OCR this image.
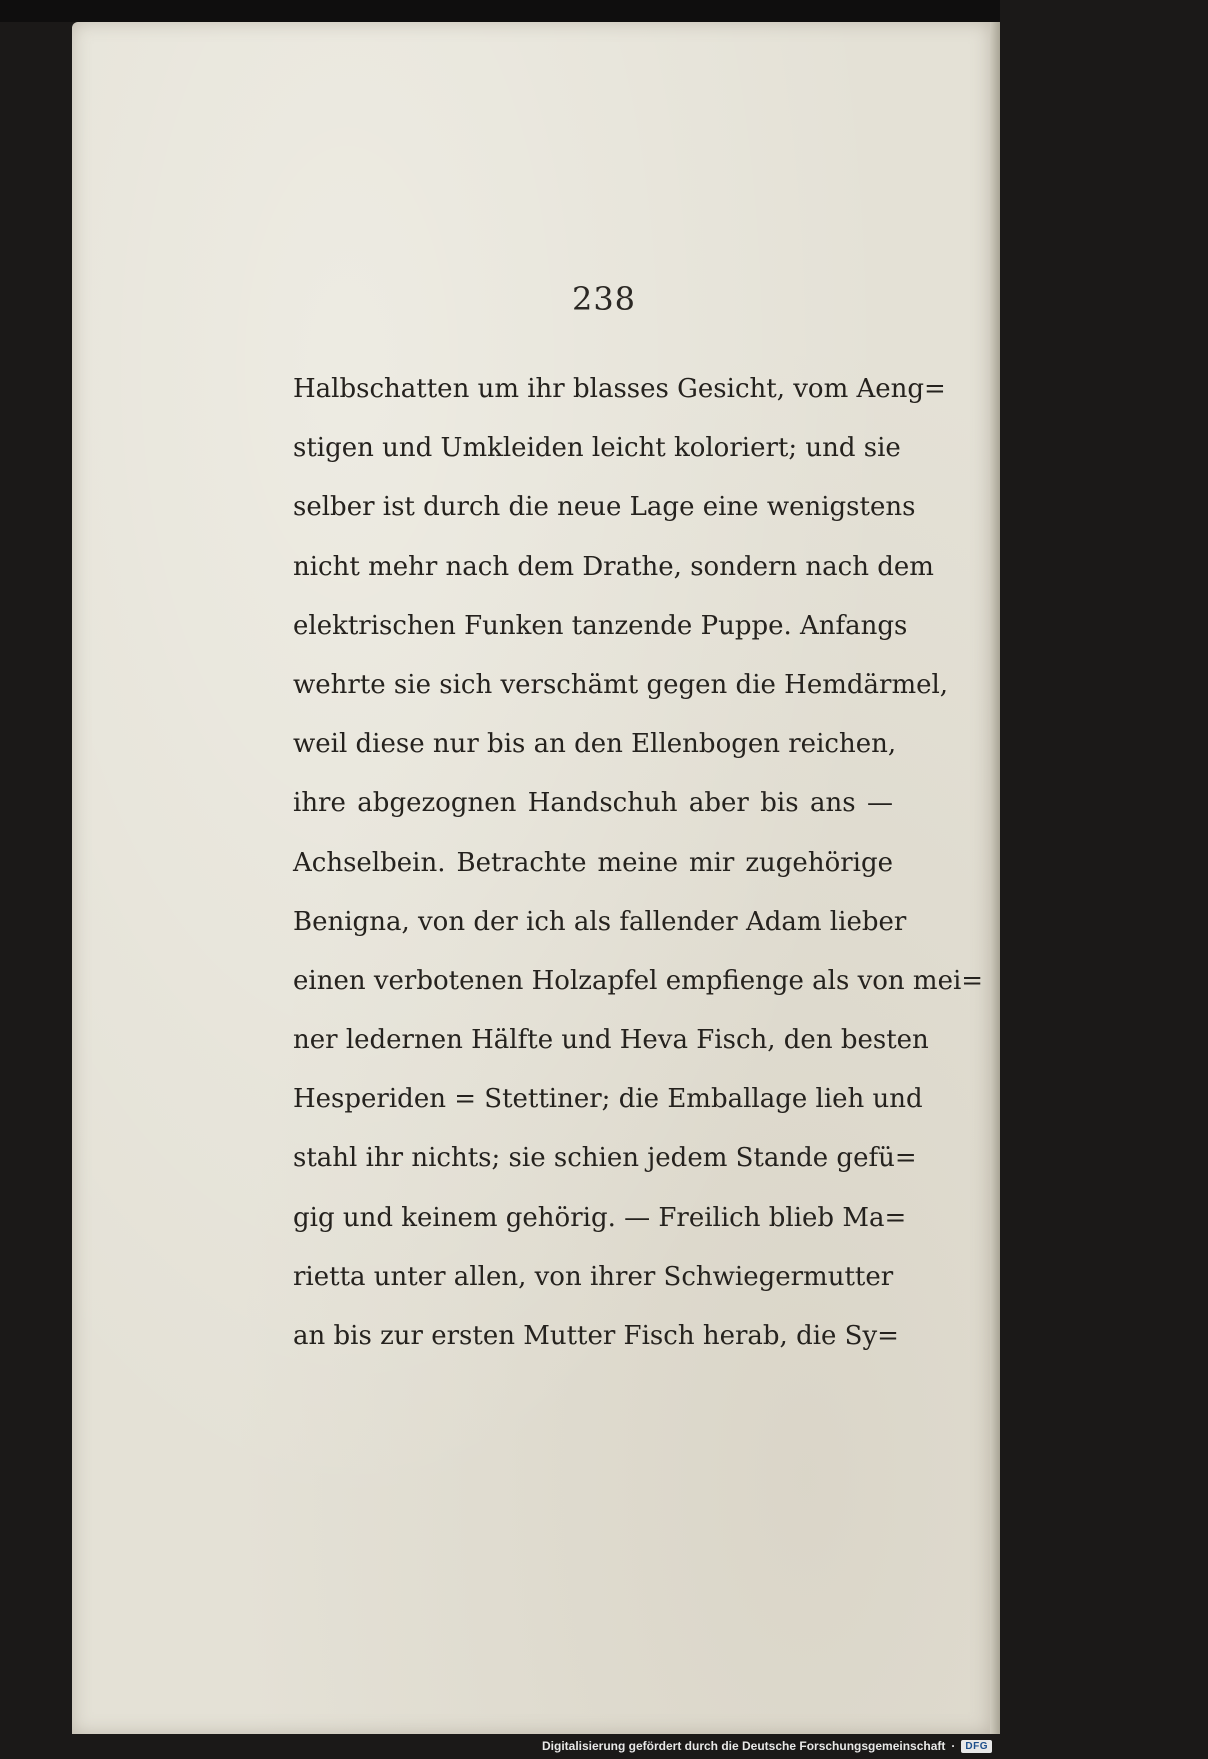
238
Halbschatten um ihr blasses Gesicht, vom Aeng=
stigen und Umkleiden leicht koloriert; und sie
selber ist durch die neue Lage eine wenigstens
nicht mehr nach dem Drathe, sondern nach dem
elektrischen Funken tanzende Puppe. Anfangs
wehrte sie sich verschämt gegen die Hemdärmel,
weil diese nur bis an den Ellenbogen reichen,
ihre abgezognen Handschuh aber bis ans —
Achselbein. Betrachte meine mir zugehörige
Benigna, von der ich als fallender Adam lieber
einen verbotenen Holzapfel empfienge als von mei=
ner ledernen Hälfte und Heva Fisch, den besten
Hesperiden = Stettiner; die Emballage lieh und
stahl ihr nichts; sie schien jedem Stande gefü=
gig und keinem gehörig. — Freilich blieb Ma=
rietta unter allen, von ihrer Schwiegermutter
an bis zur ersten Mutter Fisch herab, die Sy=
Digitalisierung gefördert durch die Deutsche Forschungsgemeinschaft ·	DFG
